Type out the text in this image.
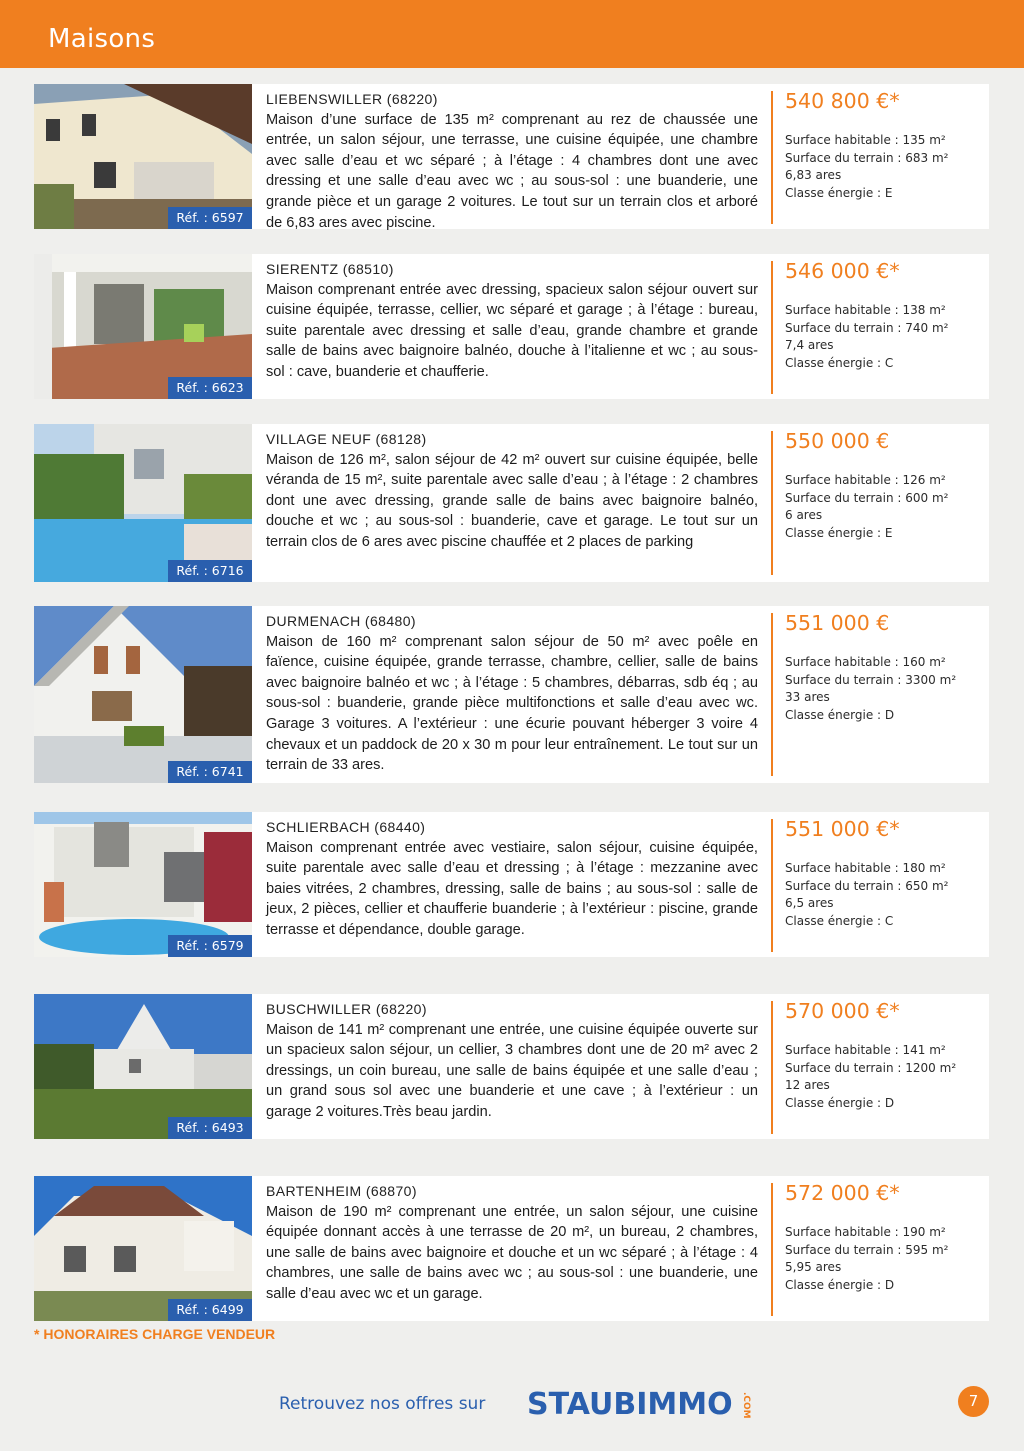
Maisons
Réf. : 6597
LIEBENSWILLER (68220)
Maison d’une surface de 135 m² comprenant au rez de chaussée une entrée, un salon séjour, une terrasse, une cuisine équipée, une chambre avec salle d’eau et wc séparé ; à l’étage : 4 chambres dont une avec dressing et une salle d’eau avec wc ; au sous-sol : une buanderie, une grande pièce et un garage 2 voitures. Le tout sur un terrain clos et arboré de 6,83 ares avec piscine.
540 800 €*
Surface habitable : 135 m²
Surface du terrain : 683 m²
6,83 ares
Classe énergie : E
Réf. : 6623
SIERENTZ (68510)
Maison comprenant entrée avec dressing, spacieux salon séjour ouvert sur cuisine équipée, terrasse, cellier, wc séparé et garage ; à l’étage : bureau, suite parentale avec dressing et salle d’eau, grande chambre et grande salle de bains avec baignoire balnéo, douche à l’italienne et wc ; au sous-sol : cave, buanderie et chaufferie.
546 000 €*
Surface habitable : 138 m²
Surface du terrain : 740 m²
7,4 ares
Classe énergie : C
Réf. : 6716
VILLAGE NEUF (68128)
Maison de 126 m², salon séjour de 42 m² ouvert sur cuisine équipée, belle véranda de 15 m², suite parentale avec salle d’eau ; à l’étage : 2 chambres dont une avec dressing, grande salle de bains avec baignoire balnéo, douche et wc ; au sous-sol : buanderie, cave et garage. Le tout sur un terrain clos de 6 ares avec piscine chauffée et 2 places de parking
550 000 €
Surface habitable : 126 m²
Surface du terrain : 600 m²
6 ares
Classe énergie : E
Réf. : 6741
DURMENACH (68480)
Maison de 160 m² comprenant salon séjour de 50 m² avec poêle en faïence, cuisine équipée, grande terrasse, chambre, cellier, salle de bains avec baignoire balnéo et wc ; à l’étage : 5 chambres, débarras, sdb éq ; au sous-sol : buanderie, grande pièce multifonctions et salle d’eau avec wc. Garage 3 voitures. A l’extérieur : une écurie pouvant héberger 3 voire 4 chevaux et un paddock de 20 x 30 m pour leur entraînement. Le tout sur un terrain de 33 ares.
551 000 €
Surface habitable : 160 m²
Surface du terrain : 3300 m²
33 ares
Classe énergie : D
Réf. : 6579
SCHLIERBACH (68440)
Maison comprenant entrée avec vestiaire, salon séjour, cuisine équipée, suite parentale avec salle d’eau et dressing ; à l’étage : mezzanine avec baies vitrées, 2 chambres, dressing, salle de bains ; au sous-sol : salle de jeux, 2 pièces, cellier et chaufferie buanderie ; à l’extérieur : piscine, grande terrasse et dépendance, double garage.
551 000 €*
Surface habitable : 180 m²
Surface du terrain : 650 m²
6,5 ares
Classe énergie : C
Réf. : 6493
BUSCHWILLER (68220)
Maison de 141 m² comprenant une entrée, une cuisine équipée ouverte sur un spacieux salon séjour, un cellier, 3 chambres dont une de 20 m² avec 2 dressings, un coin bureau, une salle de bains équipée et une salle d’eau ; un grand sous sol avec une buanderie et une cave ; à l’extérieur : un garage 2 voitures.Très beau jardin.
570 000 €*
Surface habitable : 141 m²
Surface du terrain : 1200 m²
12 ares
Classe énergie : D
Réf. : 6499
BARTENHEIM (68870)
Maison de 190 m² comprenant une entrée, un salon séjour, une cuisine équipée donnant accès à une terrasse de 20 m², un bureau, 2 chambres, une salle de bains avec baignoire et douche et un wc séparé ; à l’étage : 4 chambres, une salle de bains avec wc ; au sous-sol : une buanderie, une salle d’eau avec wc et un garage.
572 000 €*
Surface habitable : 190 m²
Surface du terrain : 595 m²
5,95 ares
Classe énergie : D
* HONORAIRES CHARGE VENDEUR
Retrouvez nos offres sur STAUBIMMO .COM	7
